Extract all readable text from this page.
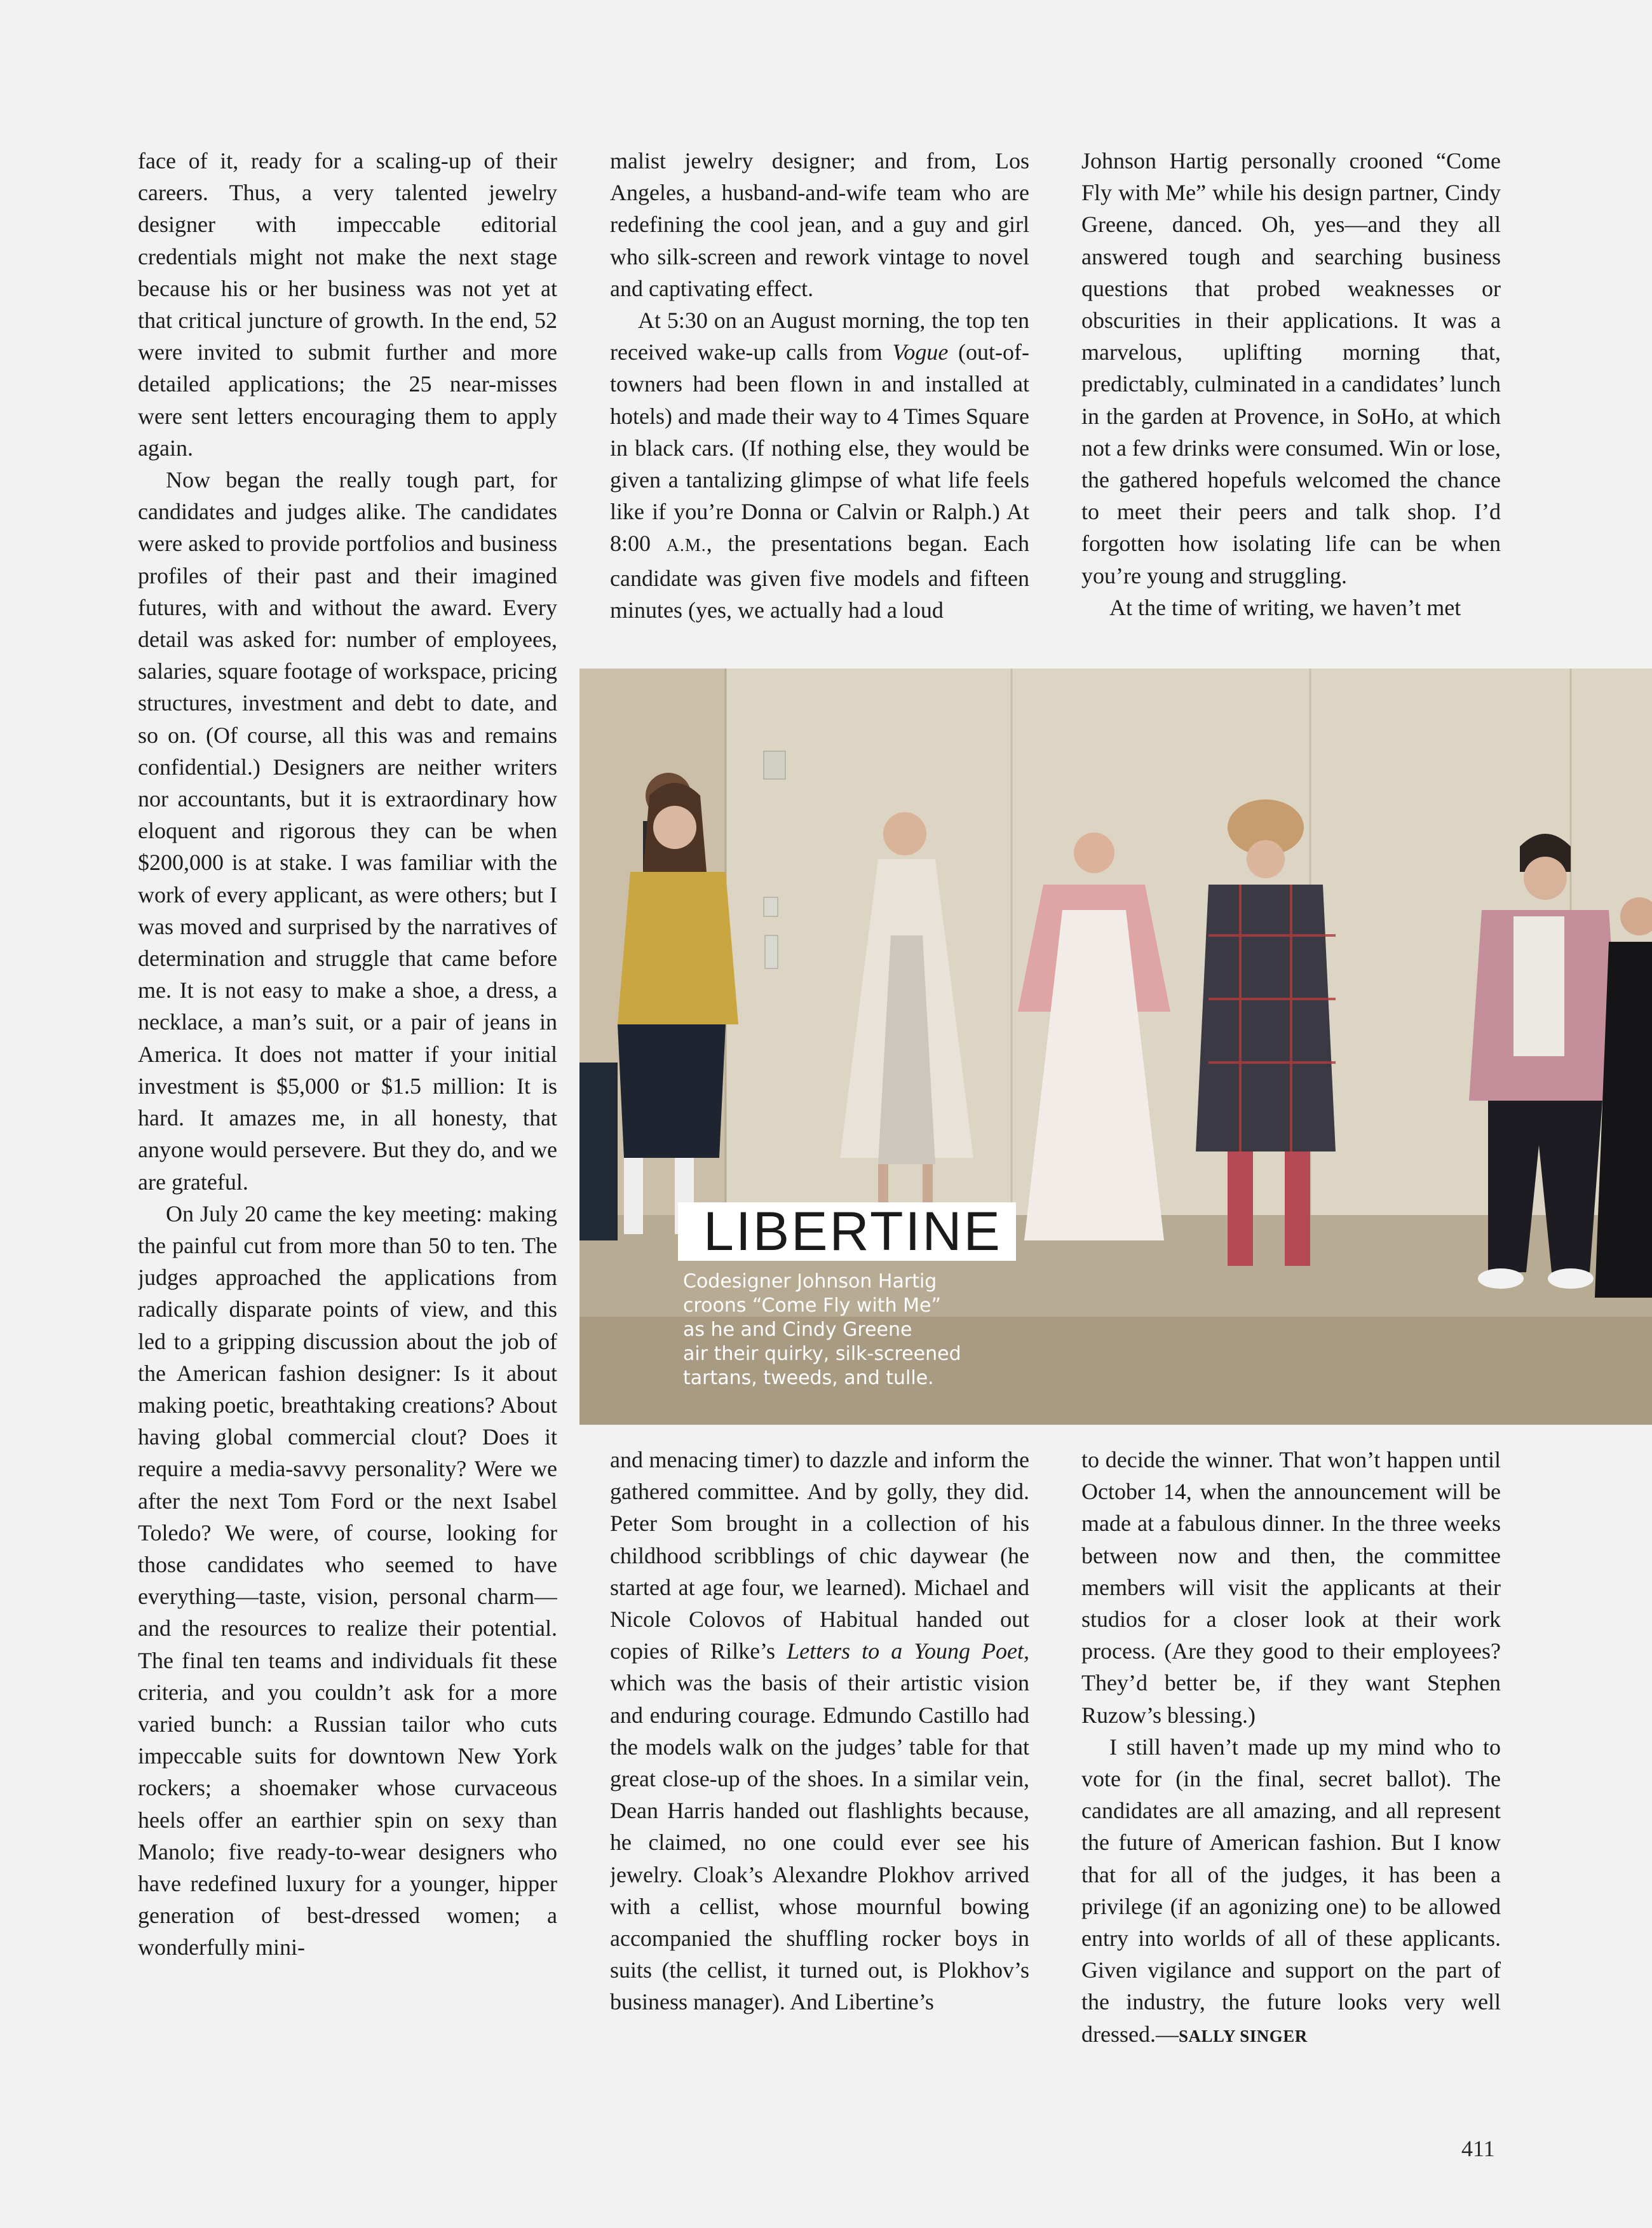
face of it, ready for a scaling-up of their careers. Thus, a very talented jewelry designer with impeccable editorial credentials might not make the next stage because his or her business was not yet at that critical juncture of growth. In the end, 52 were invited to submit further and more detailed applications; the 25 near-misses were sent letters encouraging them to apply again.

Now began the really tough part, for candidates and judges alike. The candidates were asked to provide portfolios and business profiles of their past and their imagined futures, with and without the award. Every detail was asked for: number of employees, salaries, square footage of workspace, pricing structures, investment and debt to date, and so on. (Of course, all this was and remains confidential.) Designers are neither writers nor accountants, but it is extraordinary how eloquent and rigorous they can be when $200,000 is at stake. I was familiar with the work of every applicant, as were others; but I was moved and surprised by the narratives of determination and struggle that came before me. It is not easy to make a shoe, a dress, a necklace, a man’s suit, or a pair of jeans in America. It does not matter if your initial investment is $5,000 or $1.5 million: It is hard. It amazes me, in all honesty, that anyone would persevere. But they do, and we are grateful.

On July 20 came the key meeting: making the painful cut from more than 50 to ten. The judges approached the applications from radically disparate points of view, and this led to a gripping discussion about the job of the American fashion designer: Is it about making poetic, breathtaking creations? About having global commercial clout? Does it require a media-savvy personality? Were we after the next Tom Ford or the next Isabel Toledo? We were, of course, looking for those candidates who seemed to have everything—taste, vision, personal charm—and the resources to realize their potential. The final ten teams and individuals fit these criteria, and you couldn’t ask for a more varied bunch: a Russian tailor who cuts impeccable suits for downtown New York rockers; a shoemaker whose curvaceous heels offer an earthier spin on sexy than Manolo; five ready-to-wear designers who have redefined luxury for a younger, hipper generation of best-dressed women; a wonderfully mini-

malist jewelry designer; and from, Los Angeles, a husband-and-wife team who are redefining the cool jean, and a guy and girl who silk-screen and rework vintage to novel and captivating effect.

At 5:30 on an August morning, the top ten received wake-up calls from Vogue (out-of-towners had been flown in and installed at hotels) and made their way to 4 Times Square in black cars. (If nothing else, they would be given a tantalizing glimpse of what life feels like if you’re Donna or Calvin or Ralph.) At 8:00 A.M., the presentations began. Each candidate was given five models and fifteen minutes (yes, we actually had a loud

Johnson Hartig personally crooned “Come Fly with Me” while his design partner, Cindy Greene, danced. Oh, yes—and they all answered tough and searching business questions that probed weaknesses or obscurities in their applications. It was a marvelous, uplifting morning that, predictably, culminated in a candidates’ lunch in the garden at Provence, in SoHo, at which not a few drinks were consumed. Win or lose, the gathered hopefuls welcomed the chance to meet their peers and talk shop. I’d forgotten how isolating life can be when you’re young and struggling.

At the time of writing, we haven’t met

LIBERTINE
Codesigner Johnson Hartig
croons “Come Fly with Me”
as he and Cindy Greene
air their quirky, silk-screened
tartans, tweeds, and tulle.

and menacing timer) to dazzle and inform the gathered committee. And by golly, they did. Peter Som brought in a collection of his childhood scribblings of chic daywear (he started at age four, we learned). Michael and Nicole Colovos of Habitual handed out copies of Rilke’s Letters to a Young Poet, which was the basis of their artistic vision and enduring courage. Edmundo Castillo had the models walk on the judges’ table for that great close-up of the shoes. In a similar vein, Dean Harris handed out flashlights because, he claimed, no one could ever see his jewelry. Cloak’s Alexandre Plokhov arrived with a cellist, whose mournful bowing accompanied the shuffling rocker boys in suits (the cellist, it turned out, is Plokhov’s business manager). And Libertine’s

to decide the winner. That won’t happen until October 14, when the announcement will be made at a fabulous dinner. In the three weeks between now and then, the committee members will visit the applicants at their studios for a closer look at their work process. (Are they good to their employees? They’d better be, if they want Stephen Ruzow’s blessing.)

I still haven’t made up my mind who to vote for (in the final, secret ballot). The candidates are all amazing, and all represent the future of American fashion. But I know that for all of the judges, it has been a privilege (if an agonizing one) to be allowed entry into worlds of all of these applicants. Given vigilance and support on the part of the industry, the future looks very well dressed.—SALLY SINGER

411
